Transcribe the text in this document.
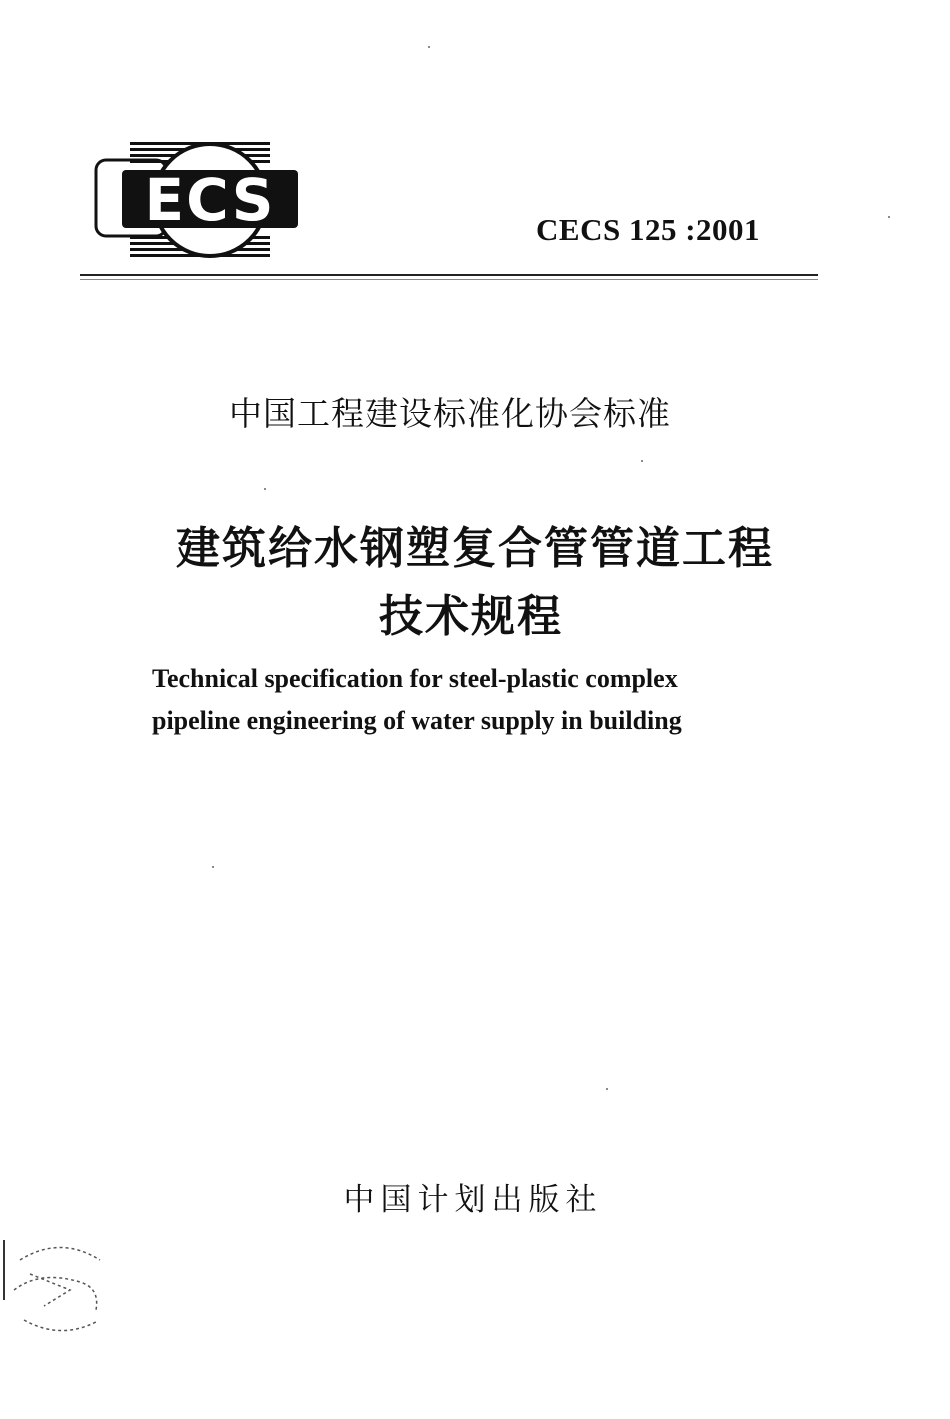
ECS	CECS 125 :2001
中国工程建设标准化协会标准
建筑给水钢塑复合管管道工程
技术规程
Technical specification for steel-plastic complex
pipeline engineering of water supply in building
中国计划出版社
